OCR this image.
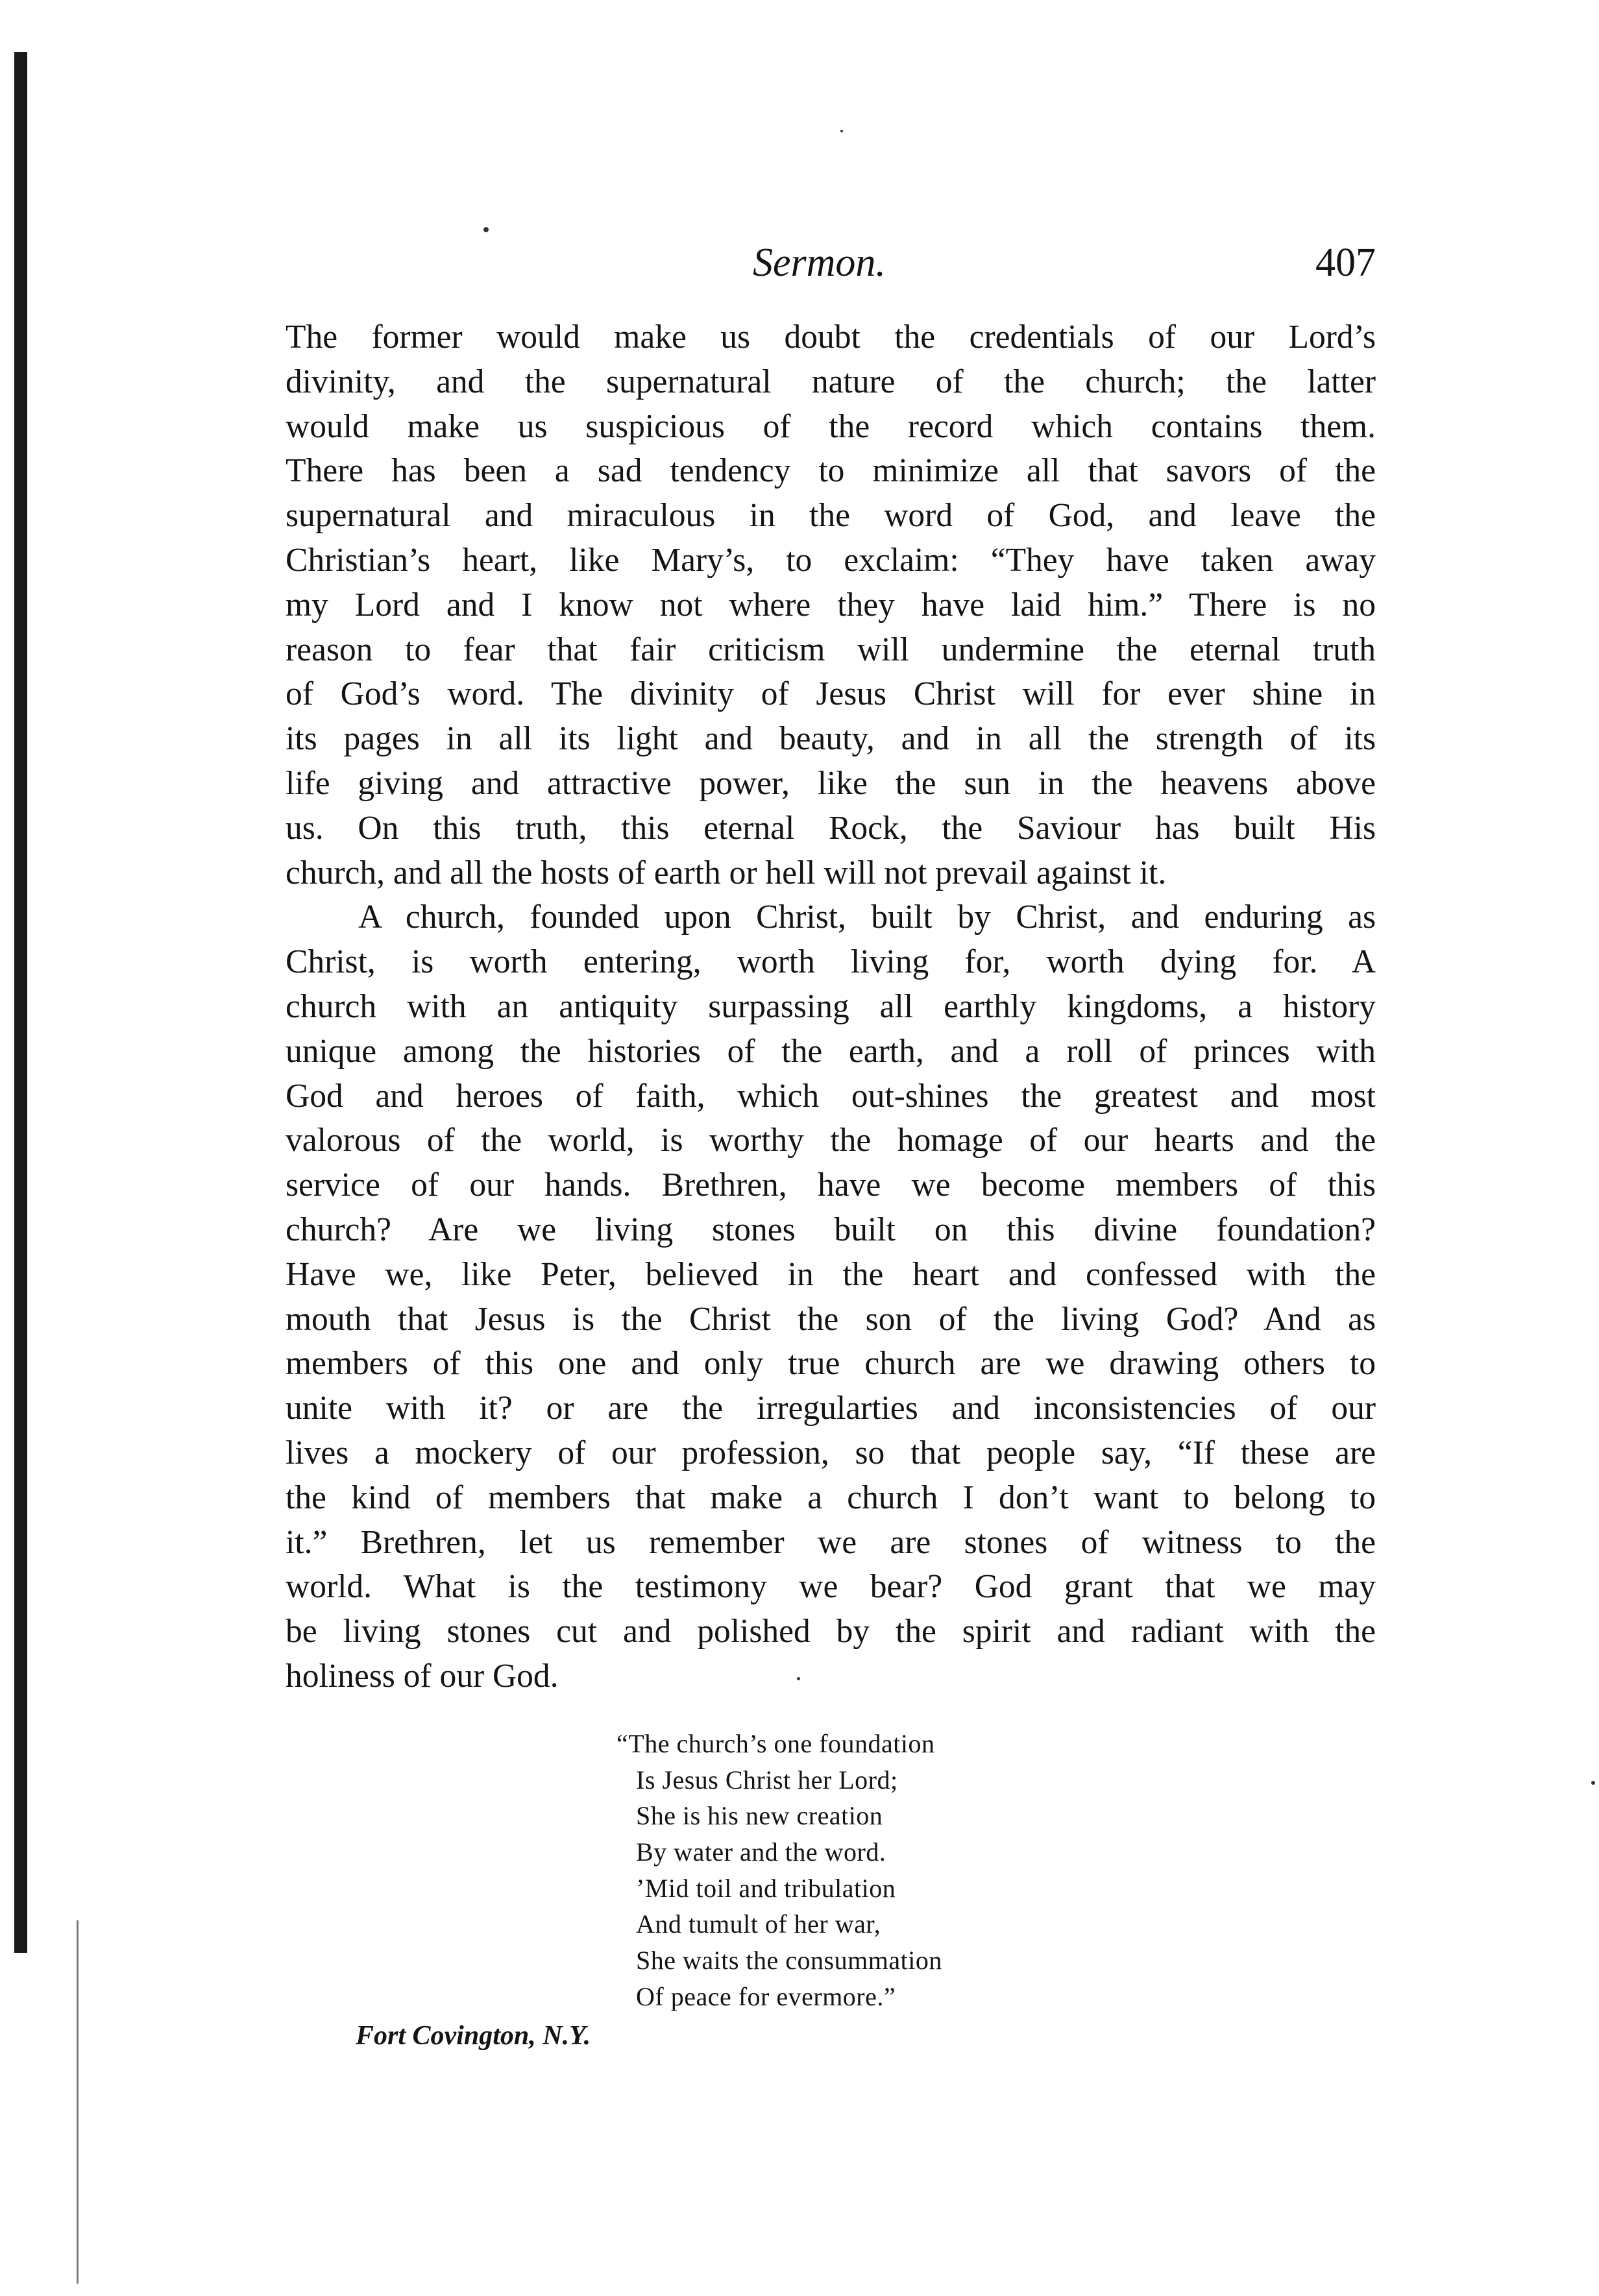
Sermon.	407
The former would make us doubt the credentials of our Lord’s
divinity, and the supernatural nature of the church; the latter
would make us suspicious of the record which contains them.
There has been a sad tendency to minimize all that savors of the
supernatural and miraculous in the word of God, and leave the
Christian’s heart, like Mary’s, to exclaim: “They have taken away
my Lord and I know not where they have laid him.” There is no
reason to fear that fair criticism will undermine the eternal truth
of God’s word. The divinity of Jesus Christ will for ever shine in
its pages in all its light and beauty, and in all the strength of its
life giving and attractive power, like the sun in the heavens above
us. On this truth, this eternal Rock, the Saviour has built His
church, and all the hosts of earth or hell will not prevail against it.
A church, founded upon Christ, built by Christ, and enduring as
Christ, is worth entering, worth living for, worth dying for. A
church with an antiquity surpassing all earthly kingdoms, a history
unique among the histories of the earth, and a roll of princes with
God and heroes of faith, which out-shines the greatest and most
valorous of the world, is worthy the homage of our hearts and the
service of our hands. Brethren, have we become members of this
church? Are we living stones built on this divine foundation?
Have we, like Peter, believed in the heart and confessed with the
mouth that Jesus is the Christ the son of the living God? And as
members of this one and only true church are we drawing others to
unite with it? or are the irregularties and inconsistencies of our
lives a mockery of our profession, so that people say, “If these are
the kind of members that make a church I don’t want to belong to
it.” Brethren, let us remember we are stones of witness to the
world. What is the testimony we bear? God grant that we may
be living stones cut and polished by the spirit and radiant with the
holiness of our God.
“The church’s one foundation
Is Jesus Christ her Lord;
She is his new creation
By water and the word.
’Mid toil and tribulation
And tumult of her war,
She waits the consummation
Of peace for evermore.”
Fort Covington, N.Y.
